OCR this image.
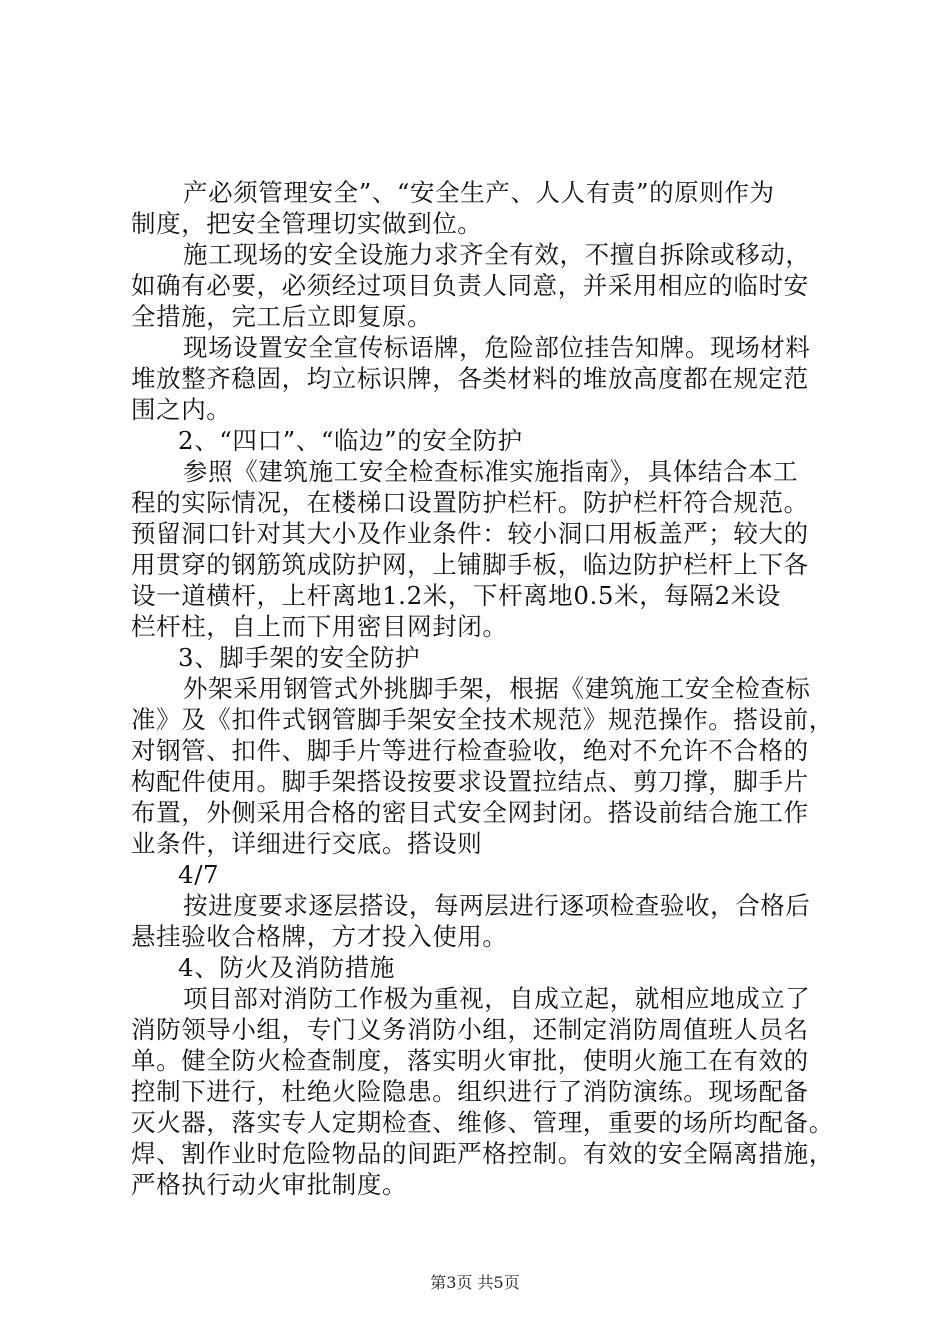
产必须管理安全”、“安全生产、人人有责”的原则作为
制度，把安全管理切实做到位。
施工现场的安全设施力求齐全有效，不擅自拆除或移动，
如确有必要，必须经过项目负责人同意，并采用相应的临时安
全措施，完工后立即复原。
现场设置安全宣传标语牌，危险部位挂告知牌。现场材料
堆放整齐稳固，均立标识牌，各类材料的堆放高度都在规定范
围之内。
2、“四口”、“临边”的安全防护
参照《建筑施工安全检查标准实施指南》，具体结合本工
程的实际情况，在楼梯口设置防护栏杆。防护栏杆符合规范。
预留洞口针对其大小及作业条件：较小洞口用板盖严；较大的
用贯穿的钢筋筑成防护网，上铺脚手板，临边防护栏杆上下各
设一道横杆，上杆离地1.2米，下杆离地0.5米，每隔2米设
栏杆柱，自上而下用密目网封闭。
3、脚手架的安全防护
外架采用钢管式外挑脚手架，根据《建筑施工安全检查标
准》及《扣件式钢管脚手架安全技术规范》规范操作。搭设前，
对钢管、扣件、脚手片等进行检查验收，绝对不允许不合格的
构配件使用。脚手架搭设按要求设置拉结点、剪刀撑，脚手片
布置，外侧采用合格的密目式安全网封闭。搭设前结合施工作
业条件，详细进行交底。搭设则
4/7
按进度要求逐层搭设，每两层进行逐项检查验收，合格后
悬挂验收合格牌，方才投入使用。
4、防火及消防措施
项目部对消防工作极为重视，自成立起，就相应地成立了
消防领导小组，专门义务消防小组，还制定消防周值班人员名
单。健全防火检查制度，落实明火审批，使明火施工在有效的
控制下进行，杜绝火险隐患。组织进行了消防演练。现场配备
灭火器，落实专人定期检查、维修、管理，重要的场所均配备。
焊、割作业时危险物品的间距严格控制。有效的安全隔离措施，
严格执行动火审批制度。
第3页 共5页
